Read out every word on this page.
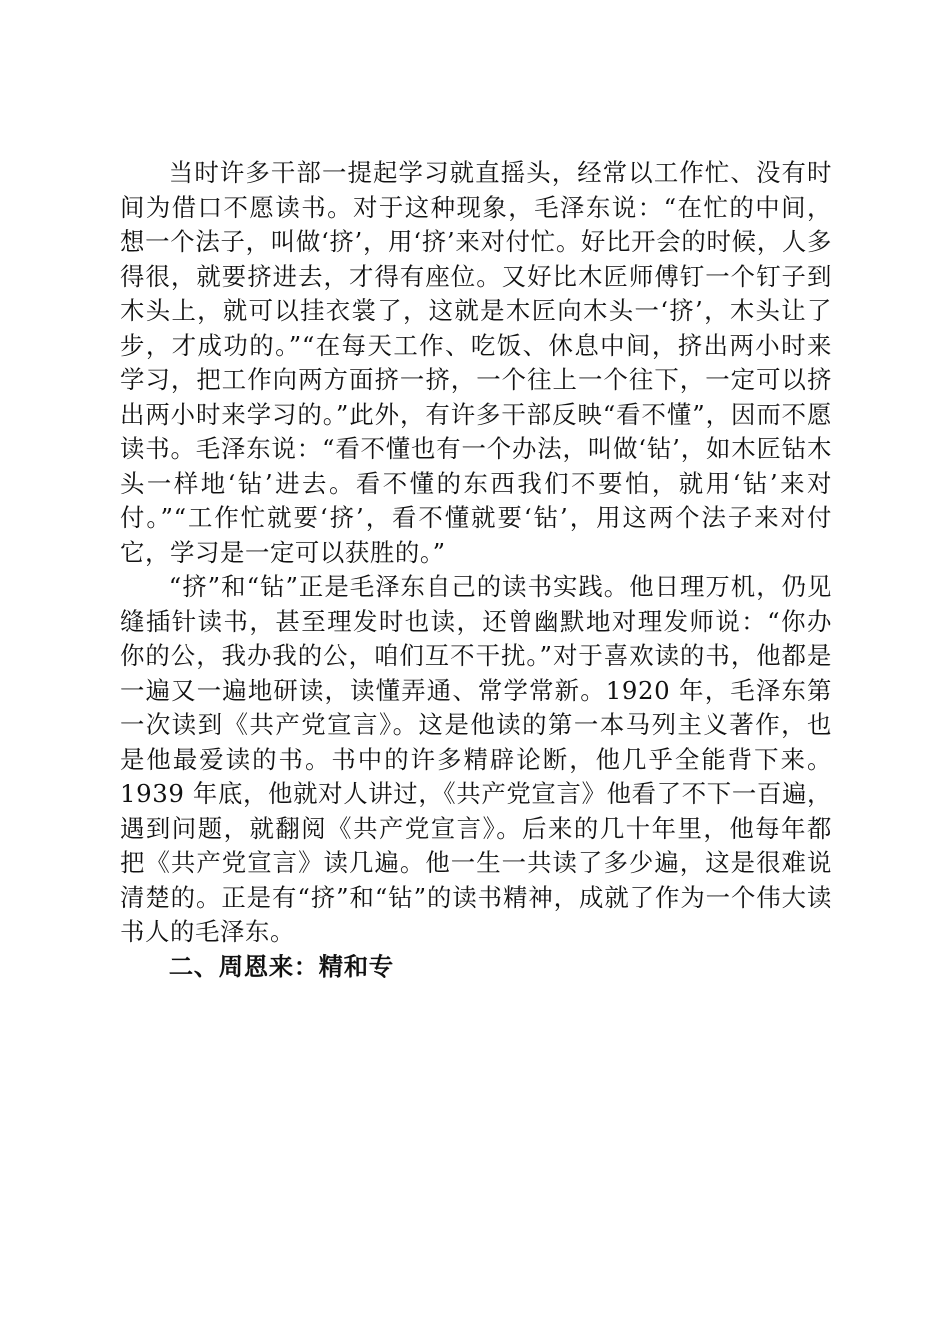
当时许多干部一提起学习就直摇头，经常以工作忙、没有时间为借口不愿读书。对于这种现象，毛泽东说：“在忙的中间，想一个法子，叫做‘挤’，用‘挤’来对付忙。好比开会的时候，人多得很，就要挤进去，才得有座位。又好比木匠师傅钉一个钉子到木头上，就可以挂衣裳了，这就是木匠向木头一‘挤’，木头让了步，才成功的。”“在每天工作、吃饭、休息中间，挤出两小时来学习，把工作向两方面挤一挤，一个往上一个往下，一定可以挤出两小时来学习的。”此外，有许多干部反映“看不懂”，因而不愿读书。毛泽东说：“看不懂也有一个办法，叫做‘钻’，如木匠钻木头一样地‘钻’进去。看不懂的东西我们不要怕，就用‘钻’来对付。”“工作忙就要‘挤’，看不懂就要‘钻’，用这两个法子来对付它，学习是一定可以获胜的。”

“挤”和“钻”正是毛泽东自己的读书实践。他日理万机，仍见缝插针读书，甚至理发时也读，还曾幽默地对理发师说：“你办你的公，我办我的公，咱们互不干扰。”对于喜欢读的书，他都是一遍又一遍地研读，读懂弄通、常学常新。1920 年，毛泽东第一次读到《共产党宣言》。这是他读的第一本马列主义著作，也是他最爱读的书。书中的许多精辟论断，他几乎全能背下来。1939 年底，他就对人讲过，《共产党宣言》他看了不下一百遍，遇到问题，就翻阅《共产党宣言》。后来的几十年里，他每年都把《共产党宣言》读几遍。他一生一共读了多少遍，这是很难说清楚的。正是有“挤”和“钻”的读书精神，成就了作为一个伟大读书人的毛泽东。

二、周恩来：精和专
